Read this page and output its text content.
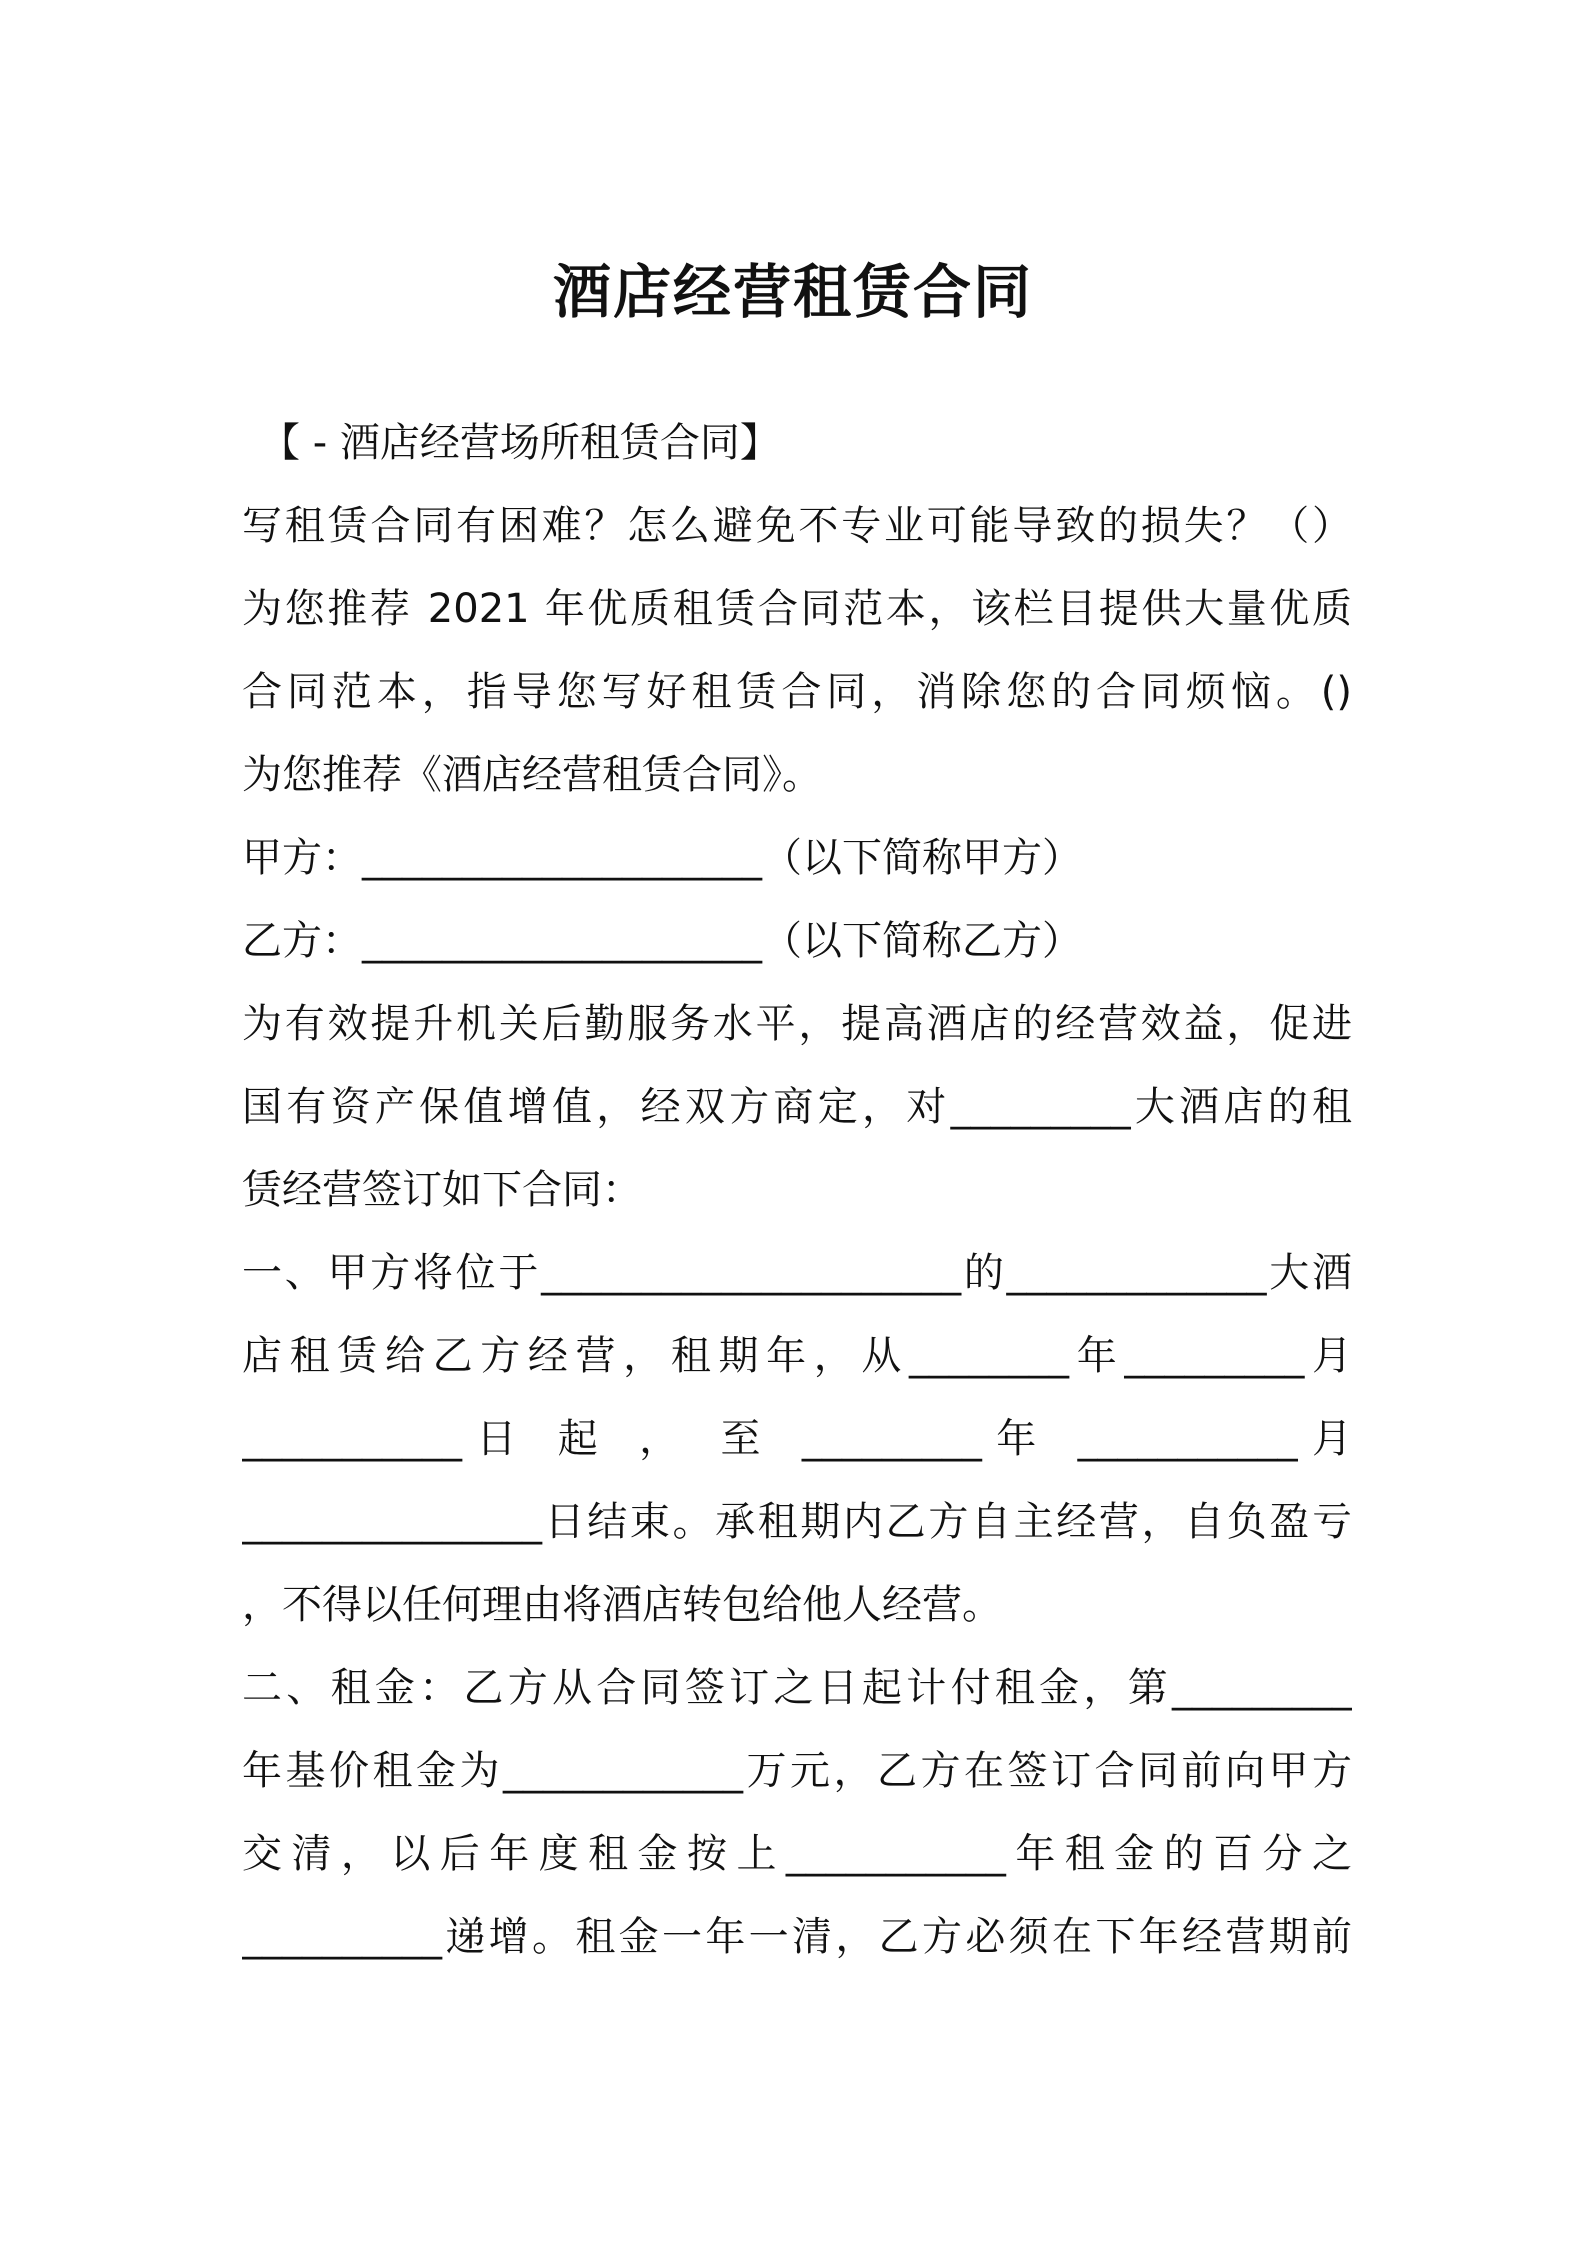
酒店经营租赁合同
【 - 酒店经营场所租赁合同】
写租赁合同有困难？怎么避免不专业可能导致的损失？（）
为您推荐 2021 年优质租赁合同范本，该栏目提供大量优质
合同范本，指导您写好租赁合同，消除您的合同烦恼。()
为您推荐《酒店经营租赁合同》。
甲方：____________________（以下简称甲方）
乙方：____________________（以下简称乙方）
为有效提升机关后勤服务水平，提高酒店的经营效益，促进
国有资产保值增值，经双方商定，对_________大酒店的租
赁经营签订如下合同：
一、甲方将位于_____________________的_____________大酒
店租赁给乙方经营，租期年，从________年_________月
___________日 起 ， 至 _________年 ___________月
_______________日结束。承租期内乙方自主经营，自负盈亏
，不得以任何理由将酒店转包给他人经营。
二、租金：乙方从合同签订之日起计付租金，第_________
年基价租金为____________万元，乙方在签订合同前向甲方
交清，以后年度租金按上___________年租金的百分之
__________递增。租金一年一清，乙方必须在下年经营期前
